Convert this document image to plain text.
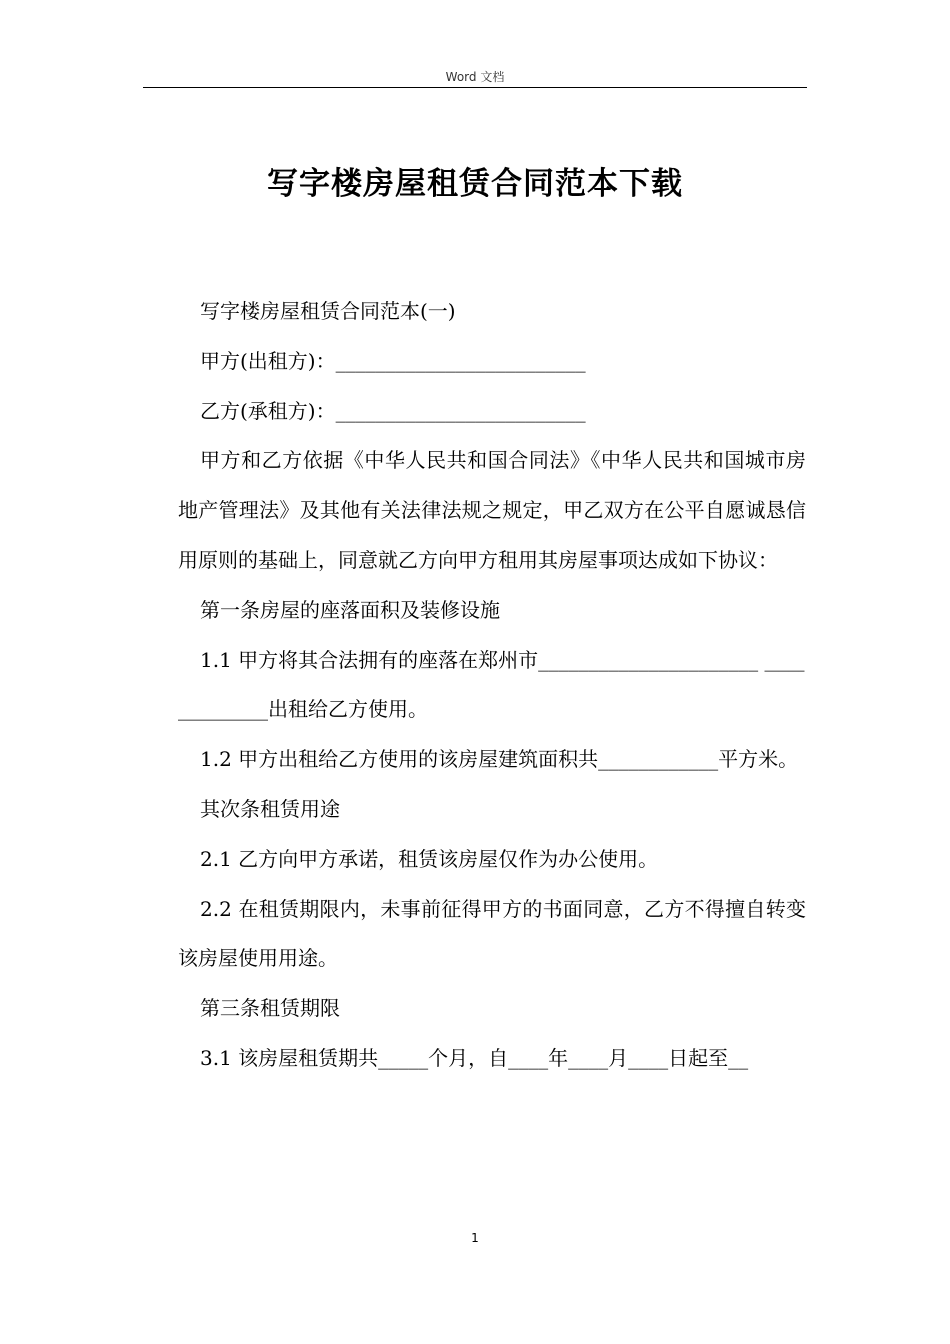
Word 文档
写字楼房屋租赁合同范本下载

写字楼房屋租赁合同范本(一)

甲方(出租方)：_________________________

乙方(承租方)：_________________________

甲方和乙方依据《中华人民共和国合同法》《中华人民共和国城市房地产管理法》及其他有关法律法规之规定，甲乙双方在公平自愿诚恳信用原则的基础上，同意就乙方向甲方租用其房屋事项达成如下协议：

第一条房屋的座落面积及装修设施

1.1 甲方将其合法拥有的座落在郑州市______________________ _____________出租给乙方使用。

1.2 甲方出租给乙方使用的该房屋建筑面积共____________平方米。

其次条租赁用途

2.1 乙方向甲方承诺，租赁该房屋仅作为办公使用。

2.2 在租赁期限内，未事前征得甲方的书面同意，乙方不得擅自转变该房屋使用用途。

第三条租赁期限

3.1 该房屋租赁期共_____个月，自____年____月____日起至__

1
